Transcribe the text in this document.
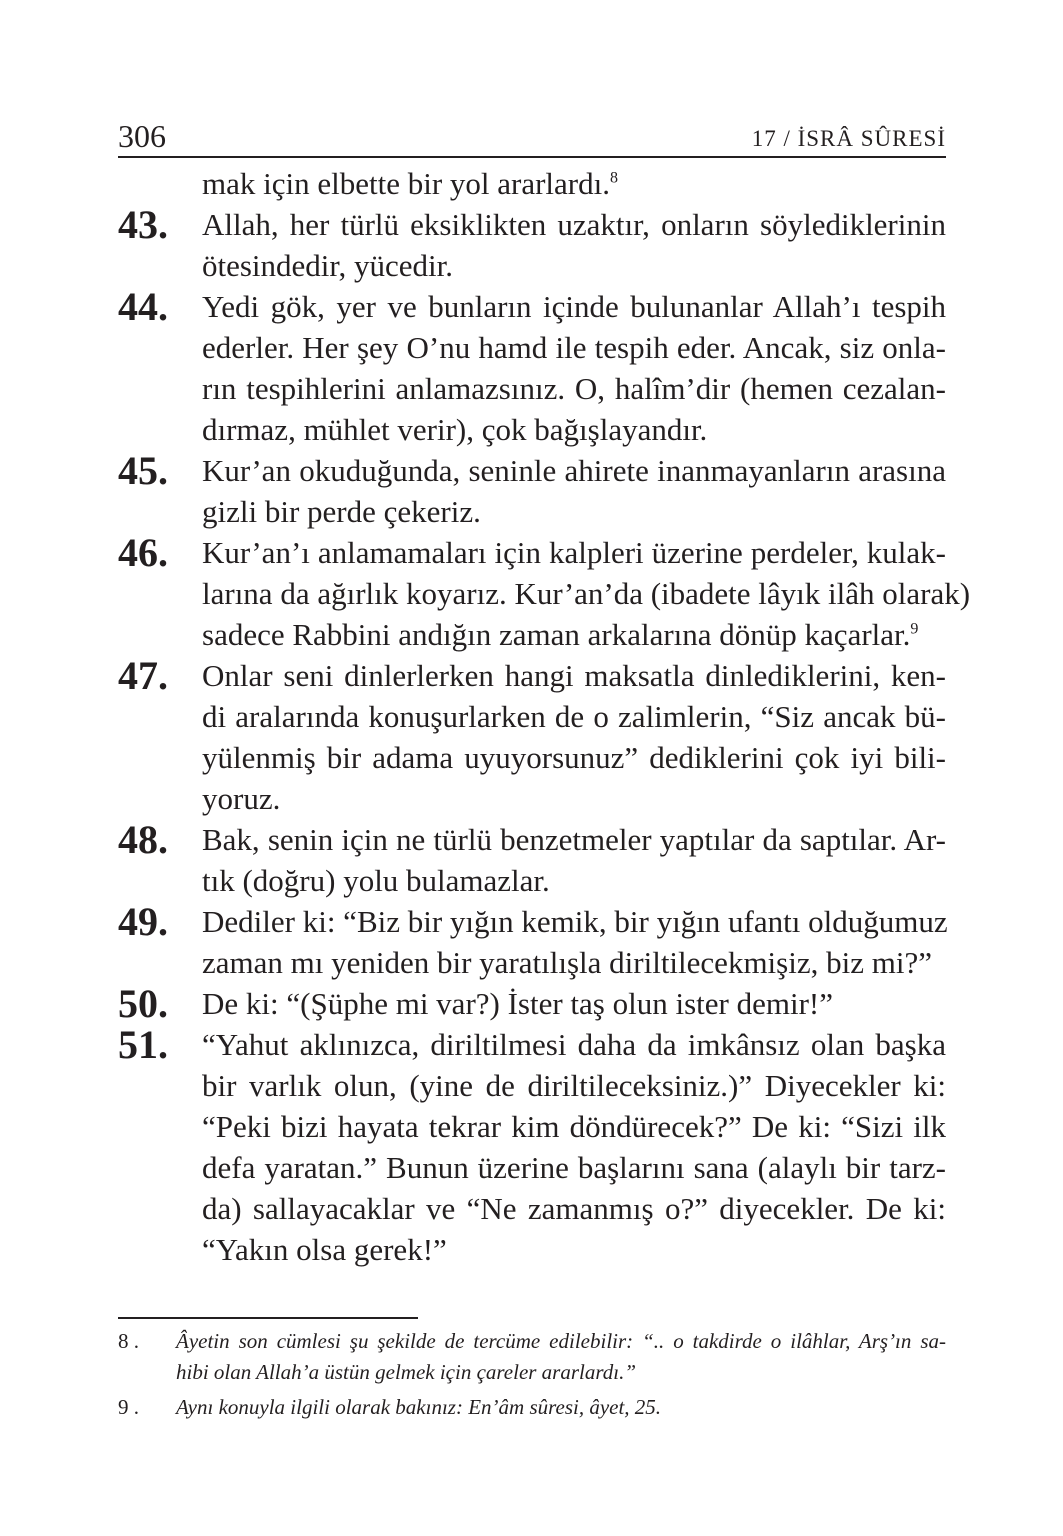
306	17 / İSRÂ SÛRESİ
mak için elbette bir yol ararlardı.$^8$
43. Allah, her türlü eksiklikten uzaktır, onların söylediklerinin
ötesindedir, yücedir.
44. Yedi gök, yer ve bunların içinde bulunanlar Allah’ı tespih
ederler. Her şey O’nu hamd ile tespih eder. Ancak, siz onla-
rın tespihlerini anlamazsınız. O, halîm’dir (hemen cezalan-
dırmaz, mühlet verir), çok bağışlayandır.
45. Kur’an okuduğunda, seninle ahirete inanmayanların arasına
gizli bir perde çekeriz.
46. Kur’an’ı anlamamaları için kalpleri üzerine perdeler, kulak-
larına da ağırlık koyarız. Kur’an’da (ibadete lâyık ilâh olarak)
sadece Rabbini andığın zaman arkalarına dönüp kaçarlar.$^9$
47. Onlar seni dinlerlerken hangi maksatla dinlediklerini, ken-
di aralarında konuşurlarken de o zalimlerin, “Siz ancak bü-
yülenmiş bir adama uyuyorsunuz” dediklerini çok iyi bili-
yoruz.
48. Bak, senin için ne türlü benzetmeler yaptılar da saptılar. Ar-
tık (doğru) yolu bulamazlar.
49. Dediler ki: “Biz bir yığın kemik, bir yığın ufantı olduğumuz
zaman mı yeniden bir yaratılışla diriltilecekmişiz, biz mi?”
50. De ki: “(Şüphe mi var?) İster taş olun ister demir!”
51. “Yahut aklınızca, diriltilmesi daha da imkânsız olan başka
bir varlık olun, (yine de diriltileceksiniz.)” Diyecekler ki:
“Peki bizi hayata tekrar kim döndürecek?” De ki: “Sizi ilk
defa yaratan.” Bunun üzerine başlarını sana (alaylı bir tarz-
da) sallayacaklar ve “Ne zamanmış o?” diyecekler. De ki:
“Yakın olsa gerek!”
8 . Âyetin son cümlesi şu şekilde de tercüme edilebilir: “.. o takdirde o ilâhlar, Arş’ın sa-
hibi olan Allah’a üstün gelmek için çareler ararlardı.”
9 . Aynı konuyla ilgili olarak bakınız: En’âm sûresi, âyet, 25.
